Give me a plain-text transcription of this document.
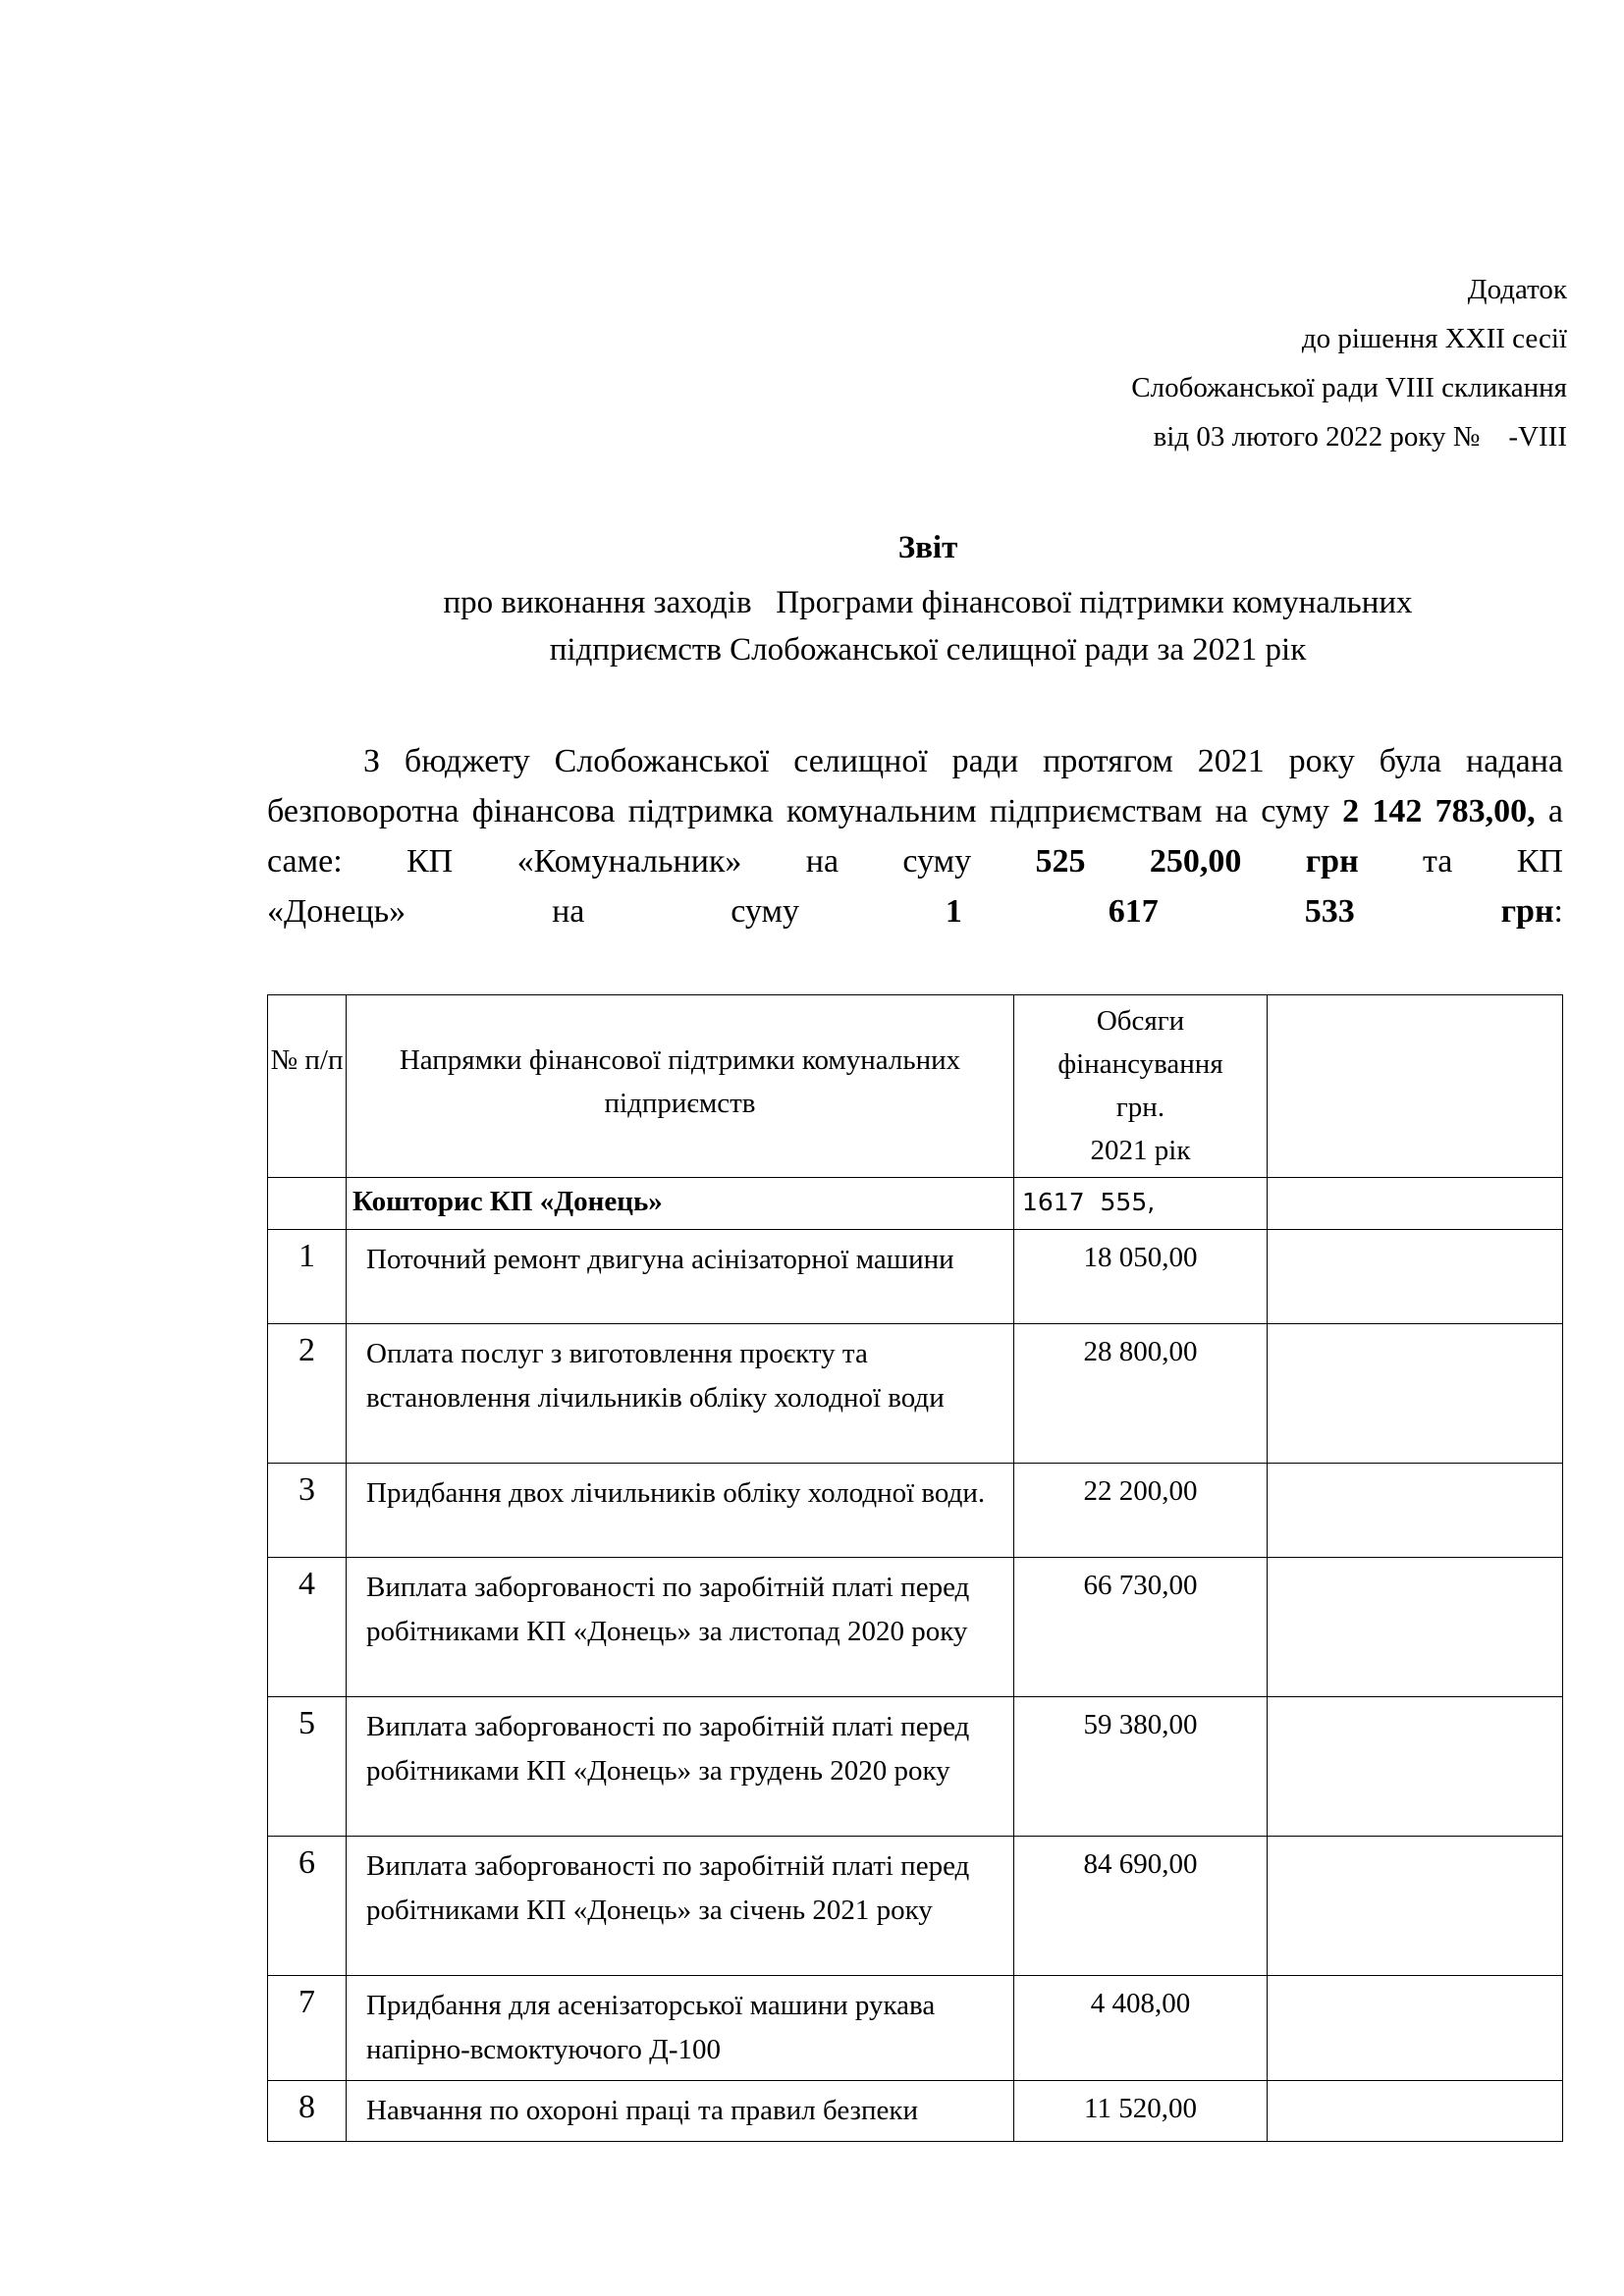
Додаток
до рішення XXII сесії
Слобожанської ради VIII скликання
від 03 лютого 2022 року №    -VIII
Звіт
про виконання заходів   Програми фінансової підтримки комунальних
підприємств Слобожанської селищної ради за 2021 рік

З бюджету Слобожанської селищної ради протягом 2021 року була надана безповоротна фінансова підтримка комунальним підприємствам на суму 2 142 783,00, а саме: КП «Комунальник» на суму 525 250,00 грн та КП

«Донець» на суму 1 617 533 грн:

№ п/п	Напрямки фінансової підтримки комунальних підприємств	Обсяги
фінансування
грн.
2021 рік	

	Кошторис КП «Донець»	1617  555,	
1	Поточний ремонт двигуна асінізаторної машини	18 050,00	
2	Оплата послуг з виготовлення проєкту та встановлення лічильників обліку холодної води	28 800,00	
3	Придбання двох лічильників обліку холодної води.	22 200,00	
4	Виплата заборгованості по заробітній платі перед робітниками КП «Донець» за листопад 2020 року	66 730,00	
5	Виплата заборгованості по заробітній платі перед робітниками КП «Донець» за грудень 2020 року	59 380,00	
6	Виплата заборгованості по заробітній платі перед робітниками КП «Донець» за січень 2021 року	84 690,00	
7	Придбання для асенізаторської машини рукава напірно-всмоктуючого Д-100	4 408,00	
8	Навчання по охороні праці та правил безпеки	11 520,00	
